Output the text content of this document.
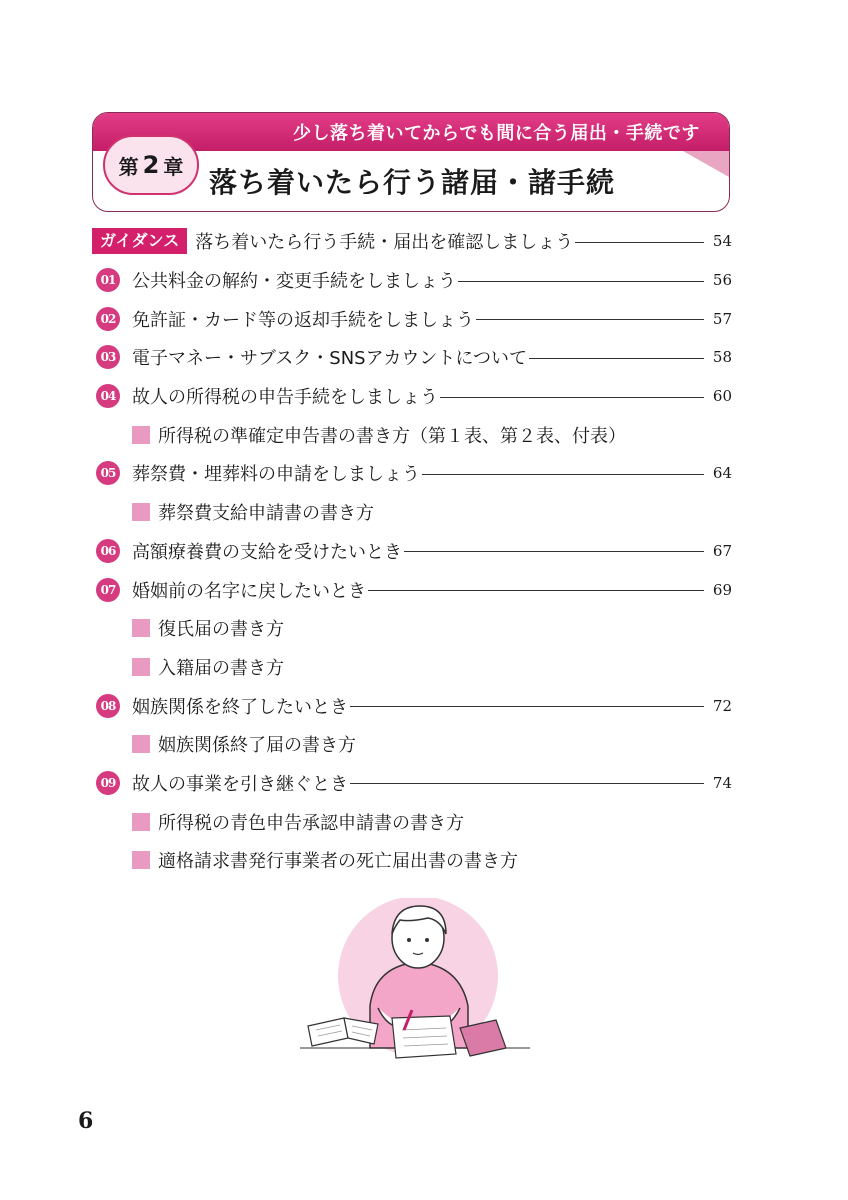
少し落ち着いてからでも間に合う届出・手続です
第 2 章 落ち着いたら行う諸届・諸手続
ガイダンス 落ち着いたら行う手続・届出を確認しましょう	54
01 公共料金の解約・変更手続をしましょう	56
02 免許証・カード等の返却手続をしましょう	57
03 電子マネー・サブスク・SNSアカウントについて	58
04 故人の所得税の申告手続をしましょう	60
所得税の準確定申告書の書き方（第１表、第２表、付表）
05 葬祭費・埋葬料の申請をしましょう	64
葬祭費支給申請書の書き方
06 高額療養費の支給を受けたいとき	67
07 婚姻前の名字に戻したいとき	69
復氏届の書き方
入籍届の書き方
08 姻族関係を終了したいとき	72
姻族関係終了届の書き方
09 故人の事業を引き継ぐとき	74
所得税の青色申告承認申請書の書き方
適格請求書発行事業者の死亡届出書の書き方
6
